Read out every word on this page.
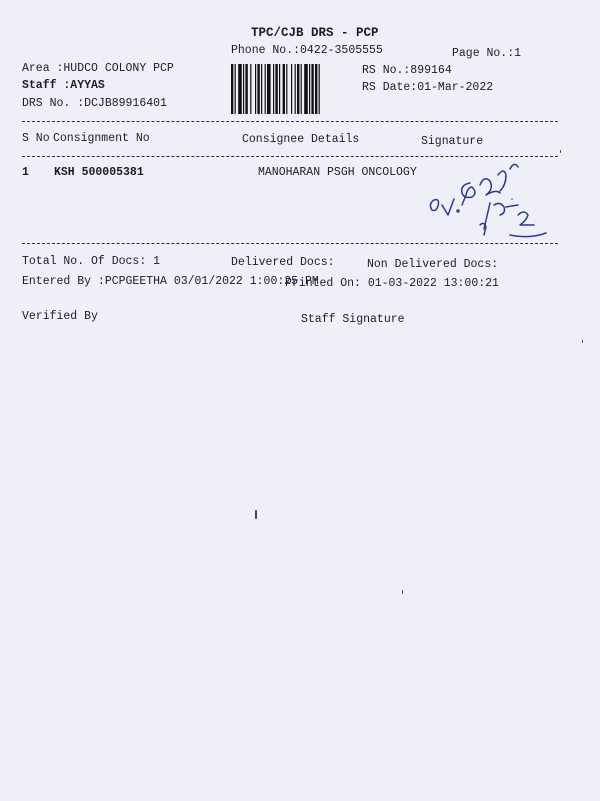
TPC/CJB DRS - PCP
Phone No.:0422-3505555	Page No.:1
Area :HUDCO COLONY PCP
Staff :AYYAS
DRS No. :DCJB89916401
RS No.:899164
RS Date:01-Mar-2022
S No Consignment No	Consignee Details	Signature
1 KSH 500005381	MANOHARAN PSGH ONCOLOGY
Total No. Of Docs: 1	Delivered Docs:	Non Delivered Docs:
Entered By :PCPGEETHA 03/01/2022 1:00:25 PM
Printed On: 01-03-2022 13:00:21
Verified By	Staff Signature
